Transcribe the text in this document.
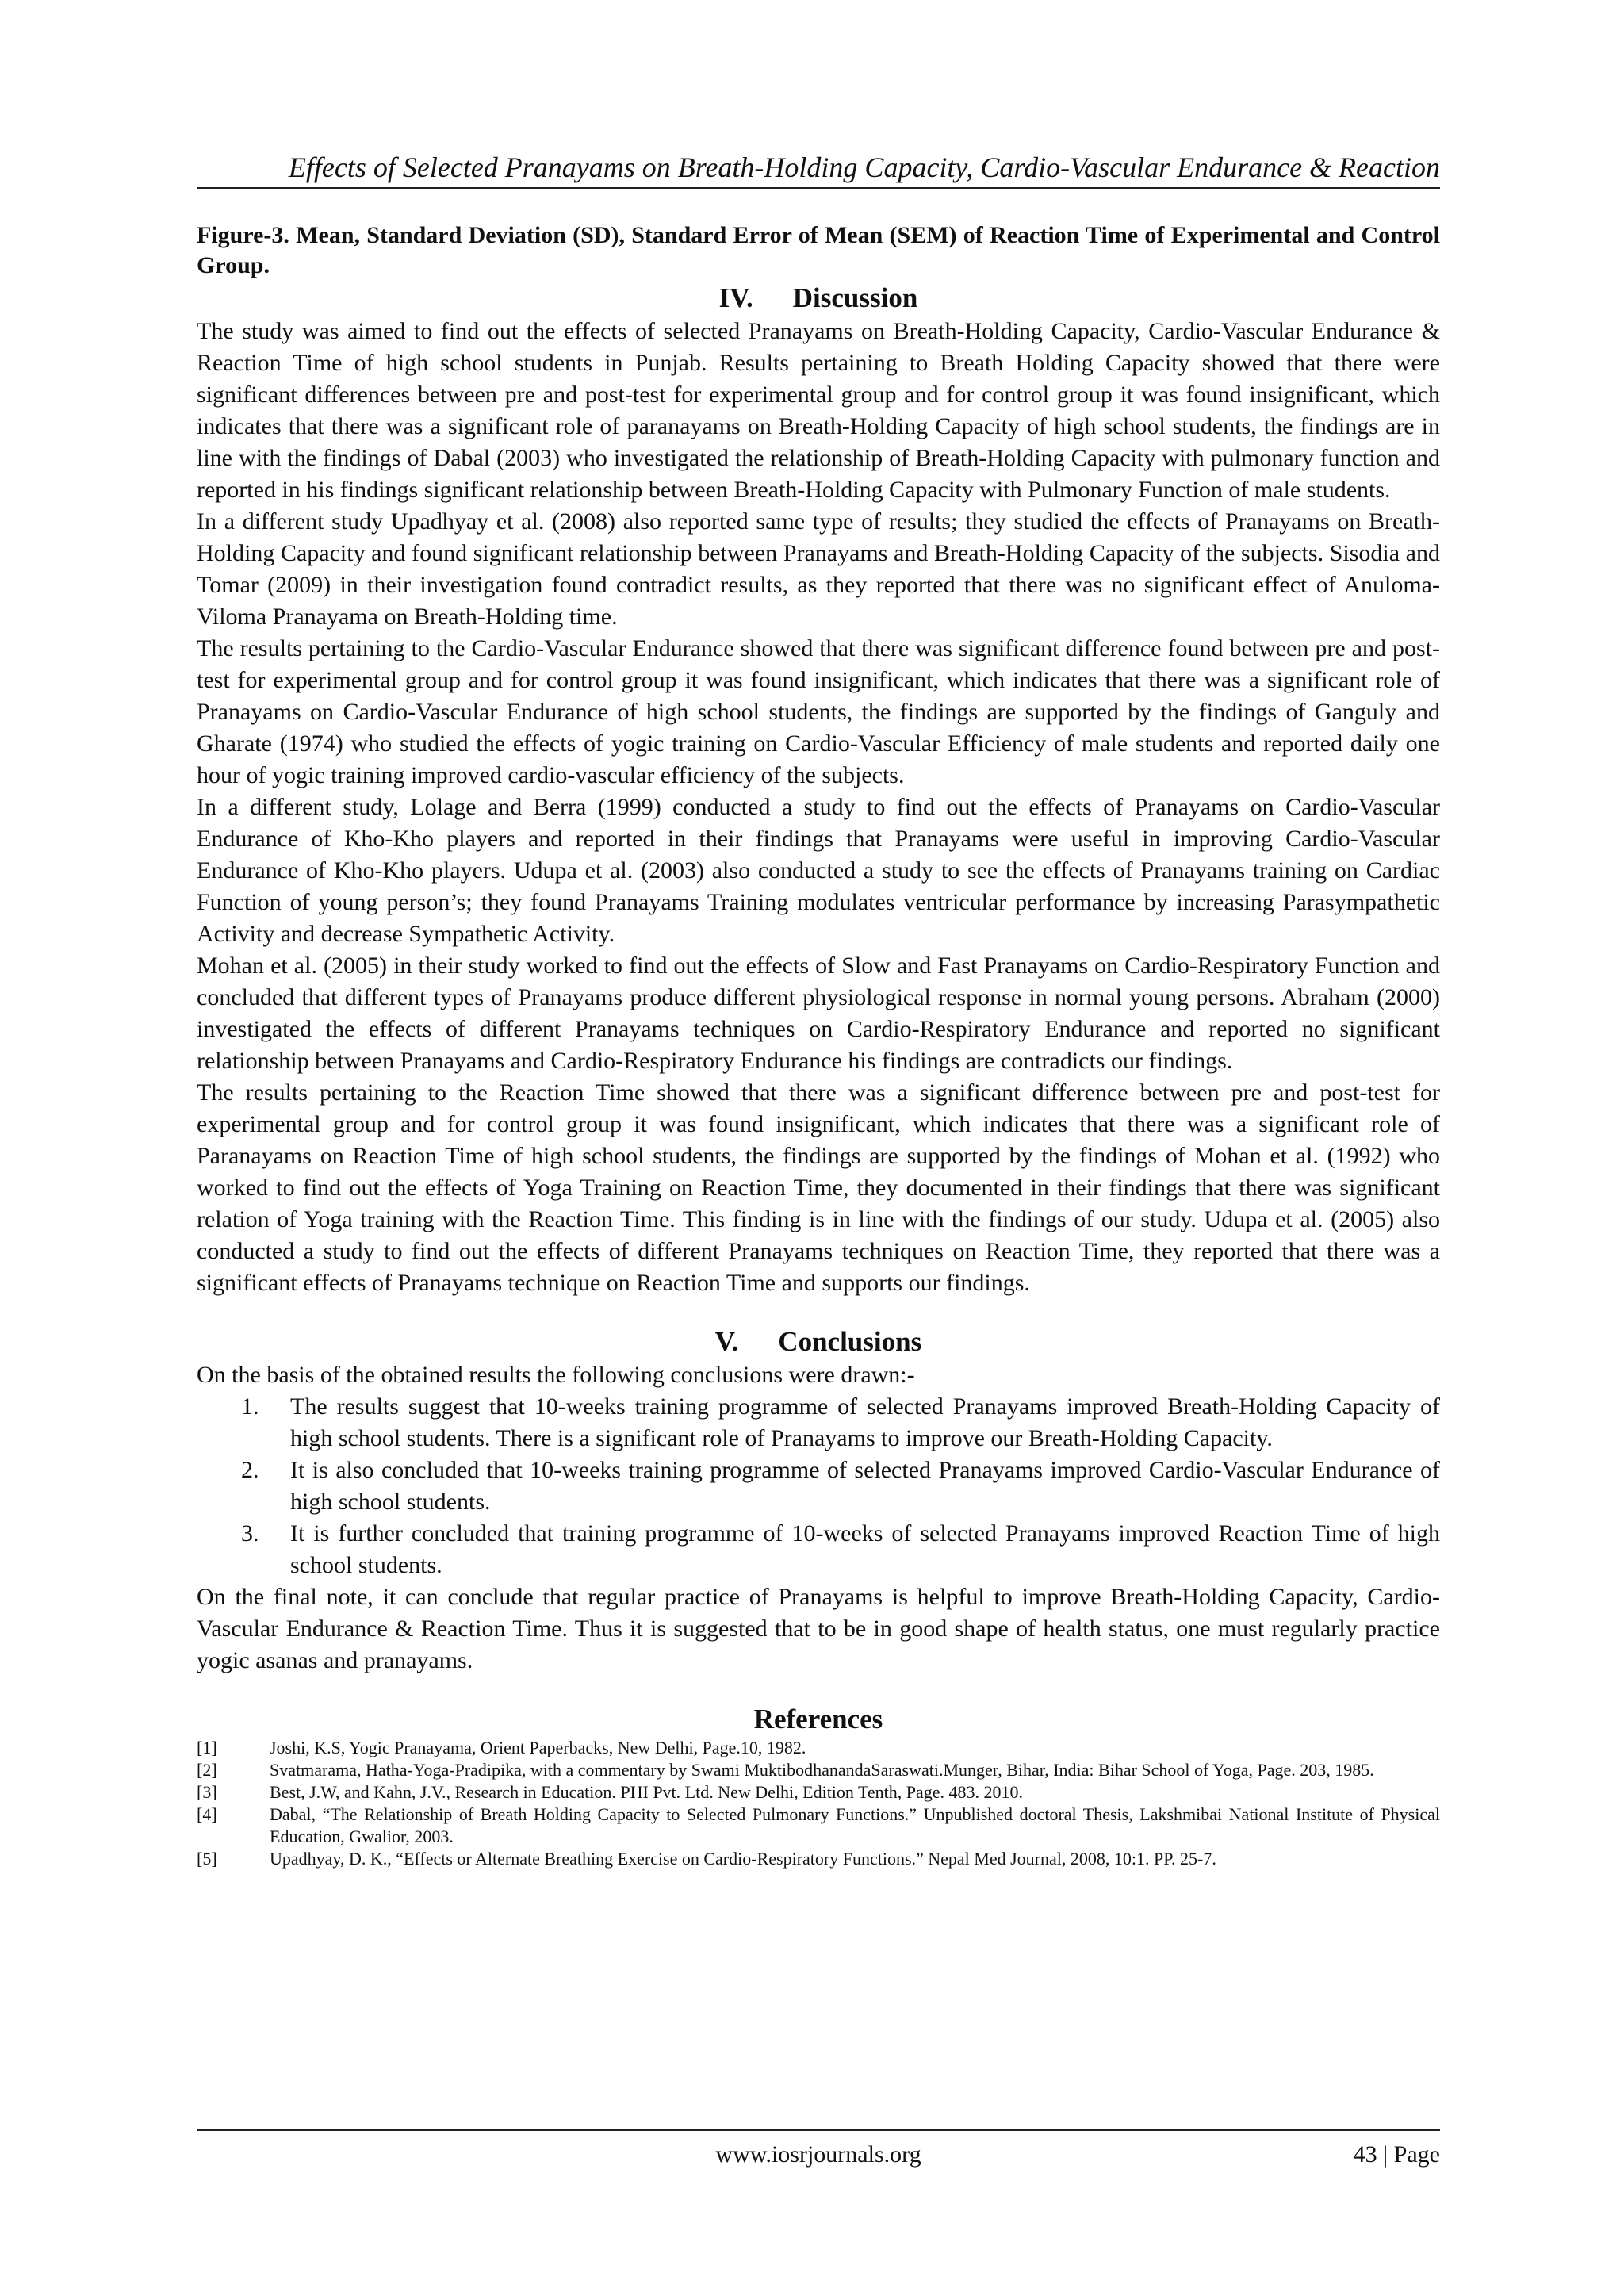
Effects of Selected Pranayams on Breath-Holding Capacity, Cardio-Vascular Endurance & Reaction

Figure-3. Mean, Standard Deviation (SD), Standard Error of Mean (SEM) of Reaction Time of Experimental and Control Group.

IV. Discussion

The study was aimed to find out the effects of selected Pranayams on Breath-Holding Capacity, Cardio-Vascular Endurance & Reaction Time of high school students in Punjab. Results pertaining to Breath Holding Capacity showed that there were significant differences between pre and post-test for experimental group and for control group it was found insignificant, which indicates that there was a significant role of paranayams on Breath-Holding Capacity of high school students, the findings are in line with the findings of Dabal (2003) who investigated the relationship of Breath-Holding Capacity with pulmonary function and reported in his findings significant relationship between Breath-Holding Capacity with Pulmonary Function of male students.

In a different study Upadhyay et al. (2008) also reported same type of results; they studied the effects of Pranayams on Breath-Holding Capacity and found significant relationship between Pranayams and Breath-Holding Capacity of the subjects. Sisodia and Tomar (2009) in their investigation found contradict results, as they reported that there was no significant effect of Anuloma-Viloma Pranayama on Breath-Holding time.

The results pertaining to the Cardio-Vascular Endurance showed that there was significant difference found between pre and post-test for experimental group and for control group it was found insignificant, which indicates that there was a significant role of Pranayams on Cardio-Vascular Endurance of high school students, the findings are supported by the findings of Ganguly and Gharate (1974) who studied the effects of yogic training on Cardio-Vascular Efficiency of male students and reported daily one hour of yogic training improved cardio-vascular efficiency of the subjects.

In a different study, Lolage and Berra (1999) conducted a study to find out the effects of Pranayams on Cardio-Vascular Endurance of Kho-Kho players and reported in their findings that Pranayams were useful in improving Cardio-Vascular Endurance of Kho-Kho players. Udupa et al. (2003) also conducted a study to see the effects of Pranayams training on Cardiac Function of young person’s; they found Pranayams Training modulates ventricular performance by increasing Parasympathetic Activity and decrease Sympathetic Activity.

Mohan et al. (2005) in their study worked to find out the effects of Slow and Fast Pranayams on Cardio-Respiratory Function and concluded that different types of Pranayams produce different physiological response in normal young persons. Abraham (2000) investigated the effects of different Pranayams techniques on Cardio-Respiratory Endurance and reported no significant relationship between Pranayams and Cardio-Respiratory Endurance his findings are contradicts our findings.

The results pertaining to the Reaction Time showed that there was a significant difference between pre and post-test for experimental group and for control group it was found insignificant, which indicates that there was a significant role of Paranayams on Reaction Time of high school students, the findings are supported by the findings of Mohan et al. (1992) who worked to find out the effects of Yoga Training on Reaction Time, they documented in their findings that there was significant relation of Yoga training with the Reaction Time. This finding is in line with the findings of our study. Udupa et al. (2005) also conducted a study to find out the effects of different Pranayams techniques on Reaction Time, they reported that there was a significant effects of Pranayams technique on Reaction Time and supports our findings.

V. Conclusions

On the basis of the obtained results the following conclusions were drawn:-

1.	The results suggest that 10-weeks training programme of selected Pranayams improved Breath-Holding Capacity of high school students. There is a significant role of Pranayams to improve our Breath-Holding Capacity.
2.	It is also concluded that 10-weeks training programme of selected Pranayams improved Cardio-Vascular Endurance of high school students.
3.	It is further concluded that training programme of 10-weeks of selected Pranayams improved Reaction Time of high school students.

On the final note, it can conclude that regular practice of Pranayams is helpful to improve Breath-Holding Capacity, Cardio-Vascular Endurance & Reaction Time. Thus it is suggested that to be in good shape of health status, one must regularly practice yogic asanas and pranayams.

References
[1]	Joshi, K.S, Yogic Pranayama, Orient Paperbacks, New Delhi, Page.10, 1982.
[2]	Svatmarama, Hatha-Yoga-Pradipika, with a commentary by Swami MuktibodhanandaSaraswati.Munger, Bihar, India: Bihar School of Yoga, Page. 203, 1985.
[3]	Best, J.W, and Kahn, J.V., Research in Education. PHI Pvt. Ltd. New Delhi, Edition Tenth, Page. 483. 2010.
[4]	Dabal, “The Relationship of Breath Holding Capacity to Selected Pulmonary Functions.” Unpublished doctoral Thesis, Lakshmibai National Institute of Physical Education, Gwalior, 2003.
[5]	Upadhyay, D. K., “Effects or Alternate Breathing Exercise on Cardio-Respiratory Functions.” Nepal Med Journal, 2008, 10:1. PP. 25-7.
www.iosrjournals.org	43 | Page
